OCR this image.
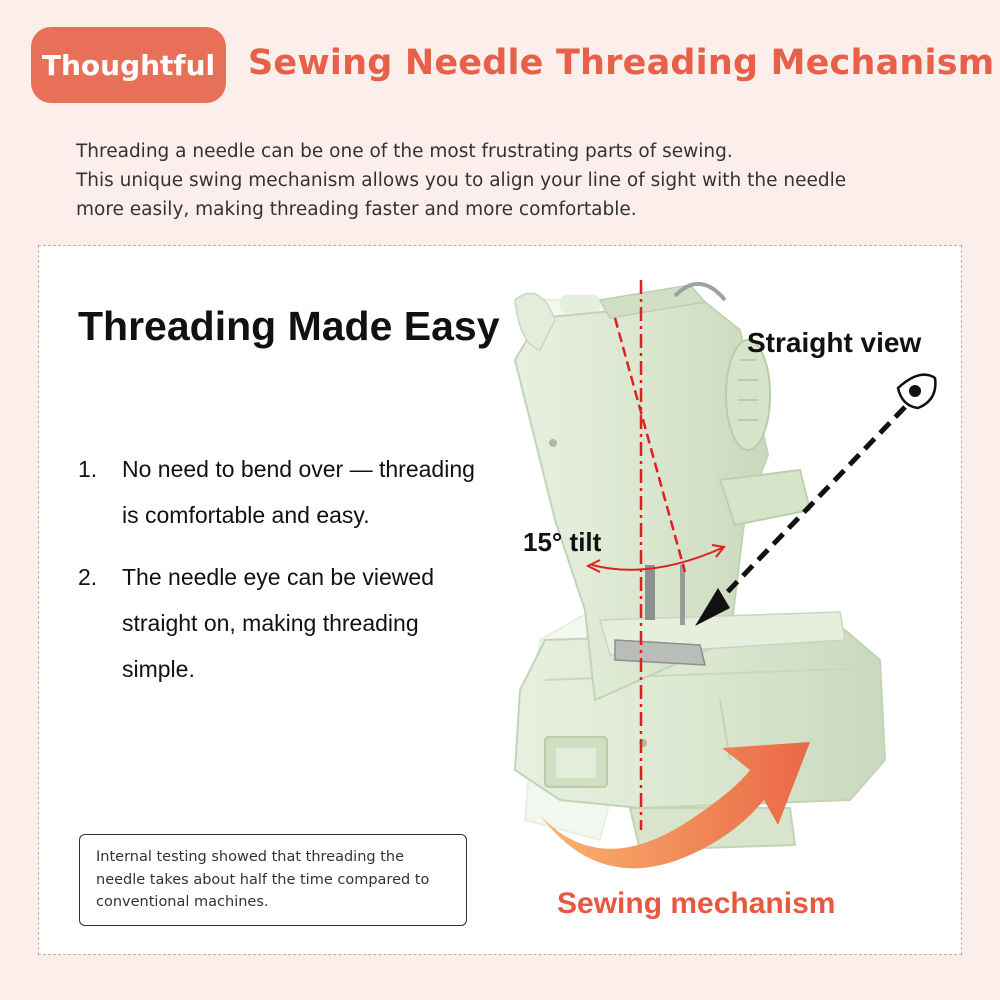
Thoughtful Sewing Needle Threading Mechanism
Threading a needle can be one of the most frustrating parts of sewing.
This unique swing mechanism allows you to align your line of sight with the needle
more easily, making threading faster and more comfortable.
Threading Made Easy
1.	No need to bend over — threading is comfortable and easy.
2.	The needle eye can be viewed straight on, making threading simple.
Internal testing showed that threading the needle takes about half the time compared to conventional machines.
Straight view
15° tilt
Sewing mechanism
